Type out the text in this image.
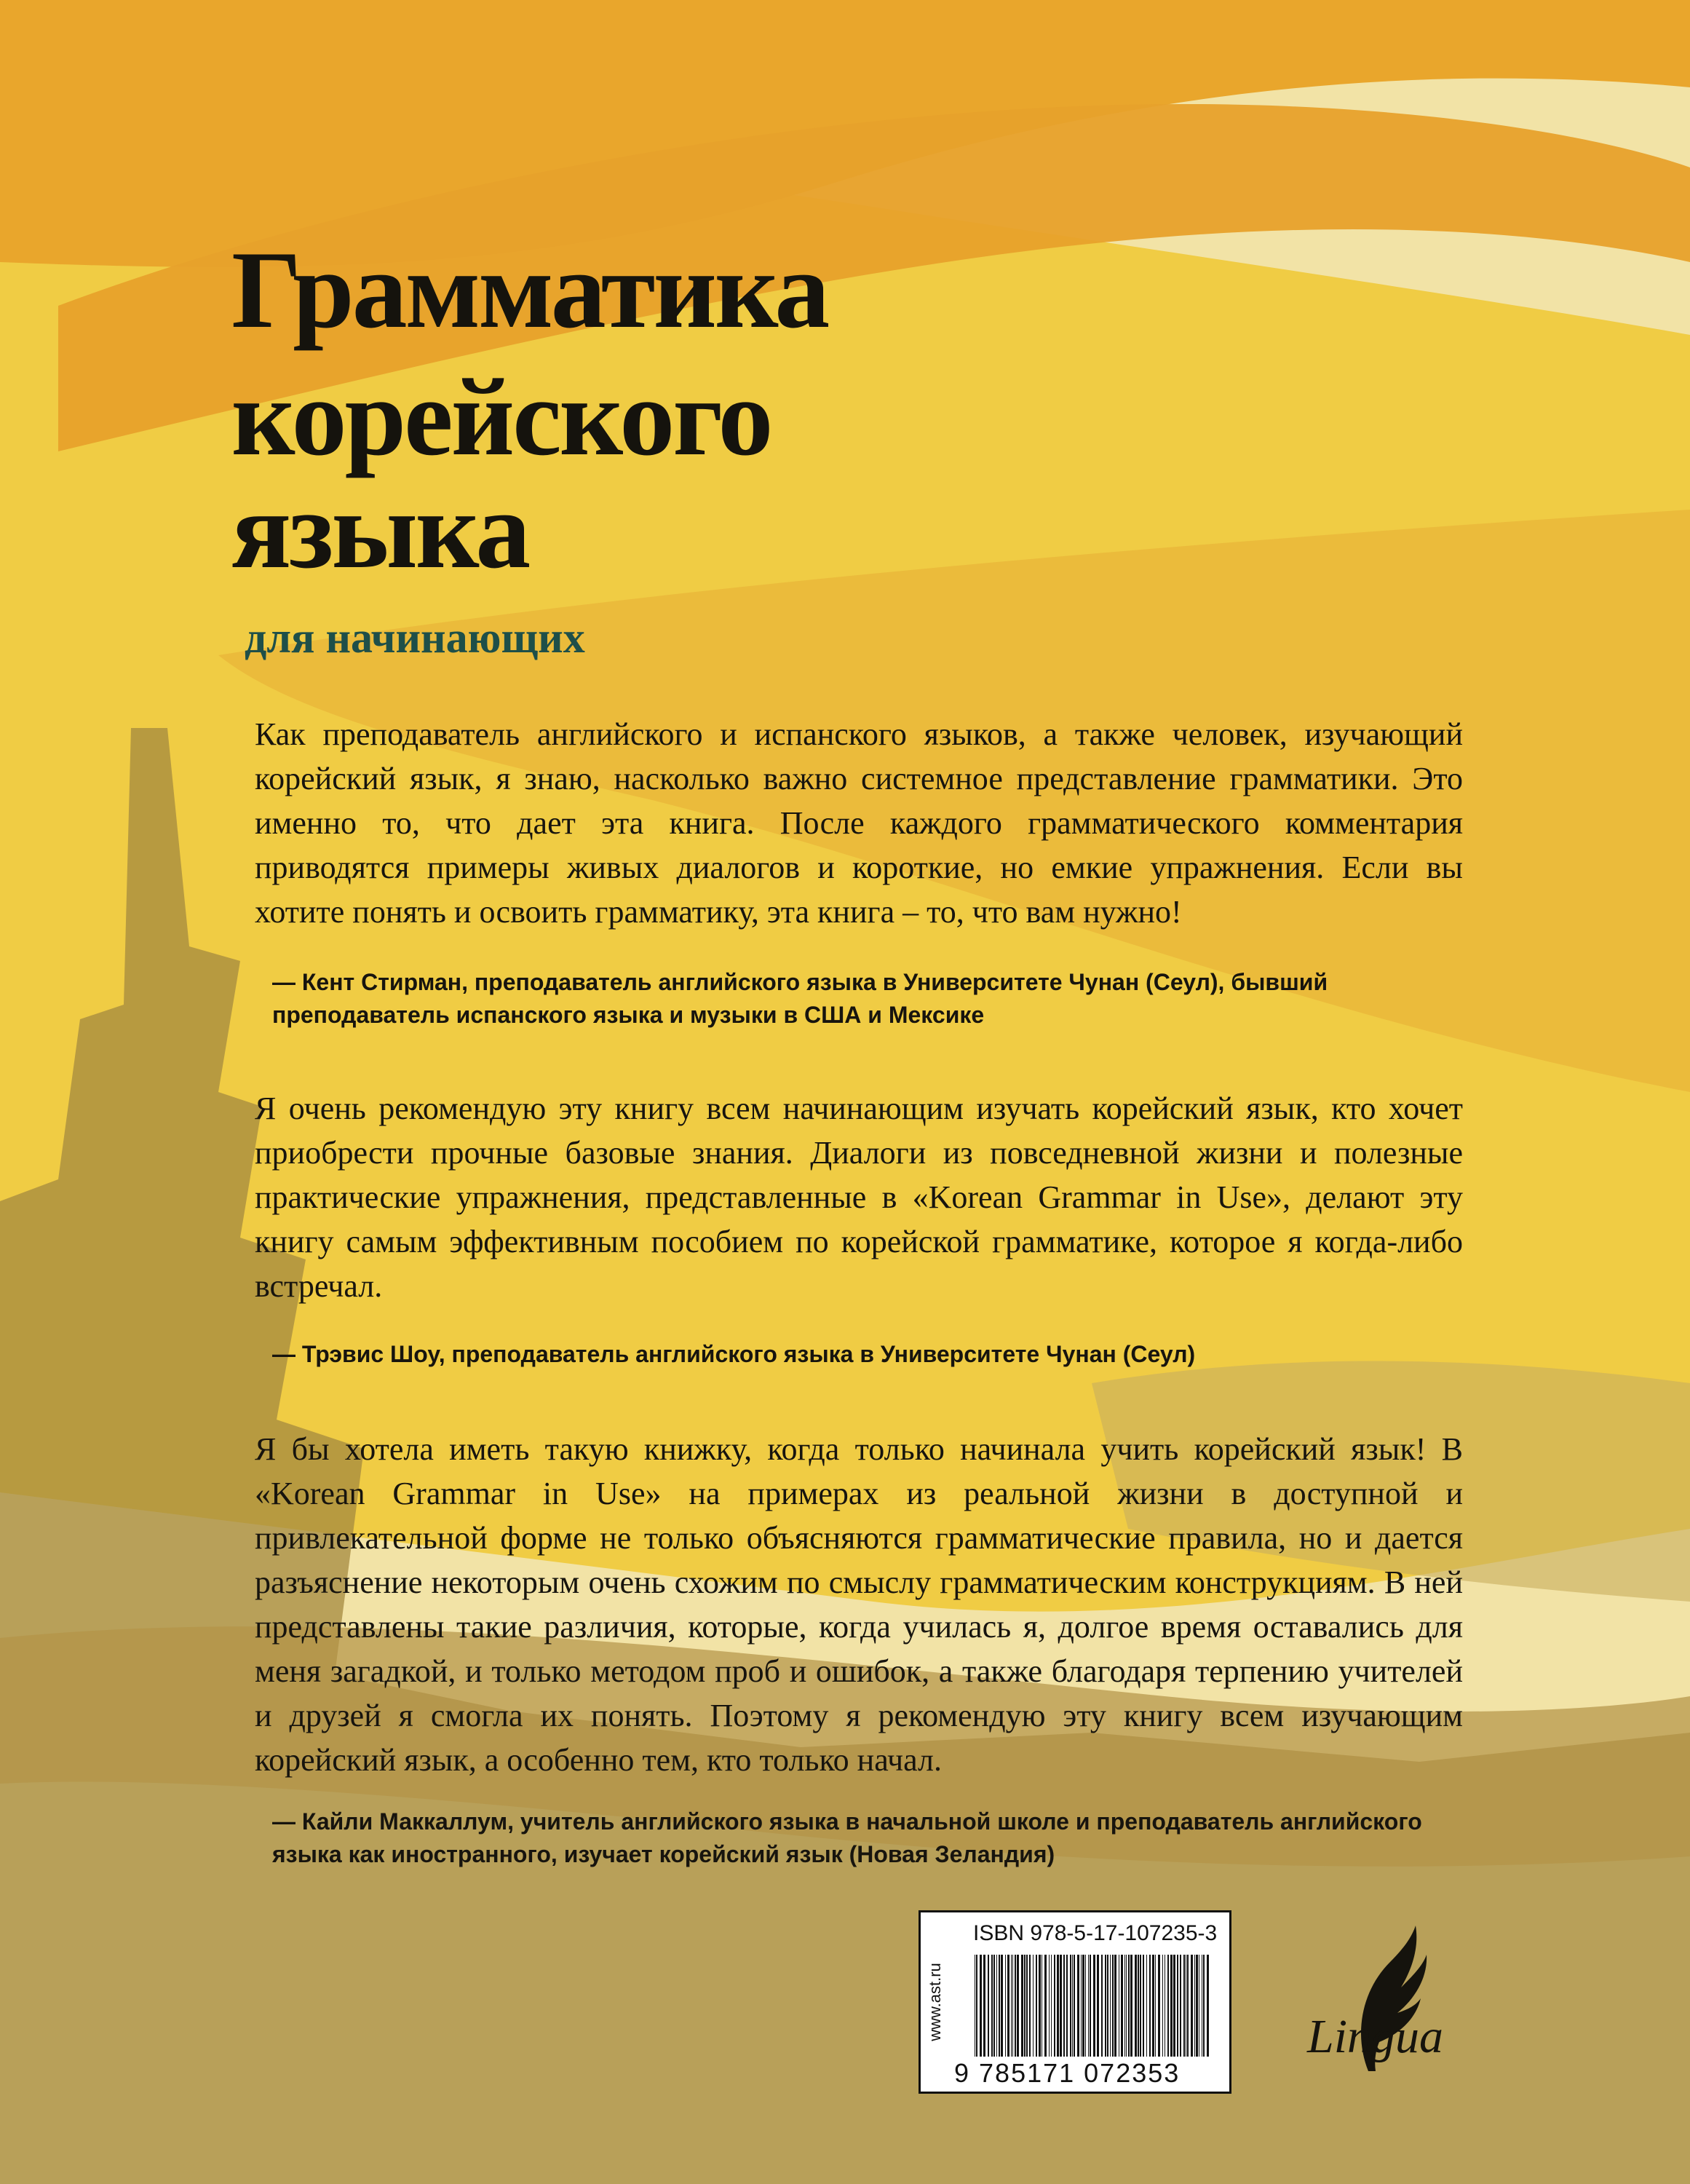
Грамматика
корейского
языка
для начинающих

Как преподаватель английского и испанского языков, а также человек, изучающий корейский язык, я знаю, насколько важно системное представление грамматики. Это именно то, что дает эта книга. После каждого грамматического комментария приводятся примеры живых диалогов и короткие, но емкие упражнения. Если вы хотите понять и освоить грамматику, эта книга – то, что вам нужно!

— Кент Стирман, преподаватель английского языка в Университете Чунан (Сеул), бывший преподаватель испанского языка и музыки в США и Мексике

Я очень рекомендую эту книгу всем начинающим изучать корейский язык, кто хочет приобрести прочные базовые знания. Диалоги из повседневной жизни и полезные практические упражнения, представленные в «Korean Grammar in Use», делают эту книгу самым эффективным пособием по корейской грамматике, которое я когда-либо встречал.

— Трэвис Шоу, преподаватель английского языка в Университете Чунан (Сеул)

Я бы хотела иметь такую книжку, когда только начинала учить корейский язык! В «Korean Grammar in Use» на примерах из реальной жизни в доступной и привлекательной форме не только объясняются грамматические правила, но и дается разъяснение некоторым очень схожим по смыслу грамматическим конструкциям. В ней представлены такие различия, которые, когда училась я, долгое время оставались для меня загадкой, и только методом проб и ошибок, а также благодаря терпению учителей и друзей я смогла их понять. Поэтому я рекомендую эту книгу всем изучающим корейский язык, а особенно тем, кто только начал.

— Кайли Маккаллум, учитель английского языка в начальной школе и преподаватель английского языка как иностранного, изучает корейский язык (Новая Зеландия)

www.ast.ru
ISBN 978-5-17-107235-3
9 785171 072353
Lingua
